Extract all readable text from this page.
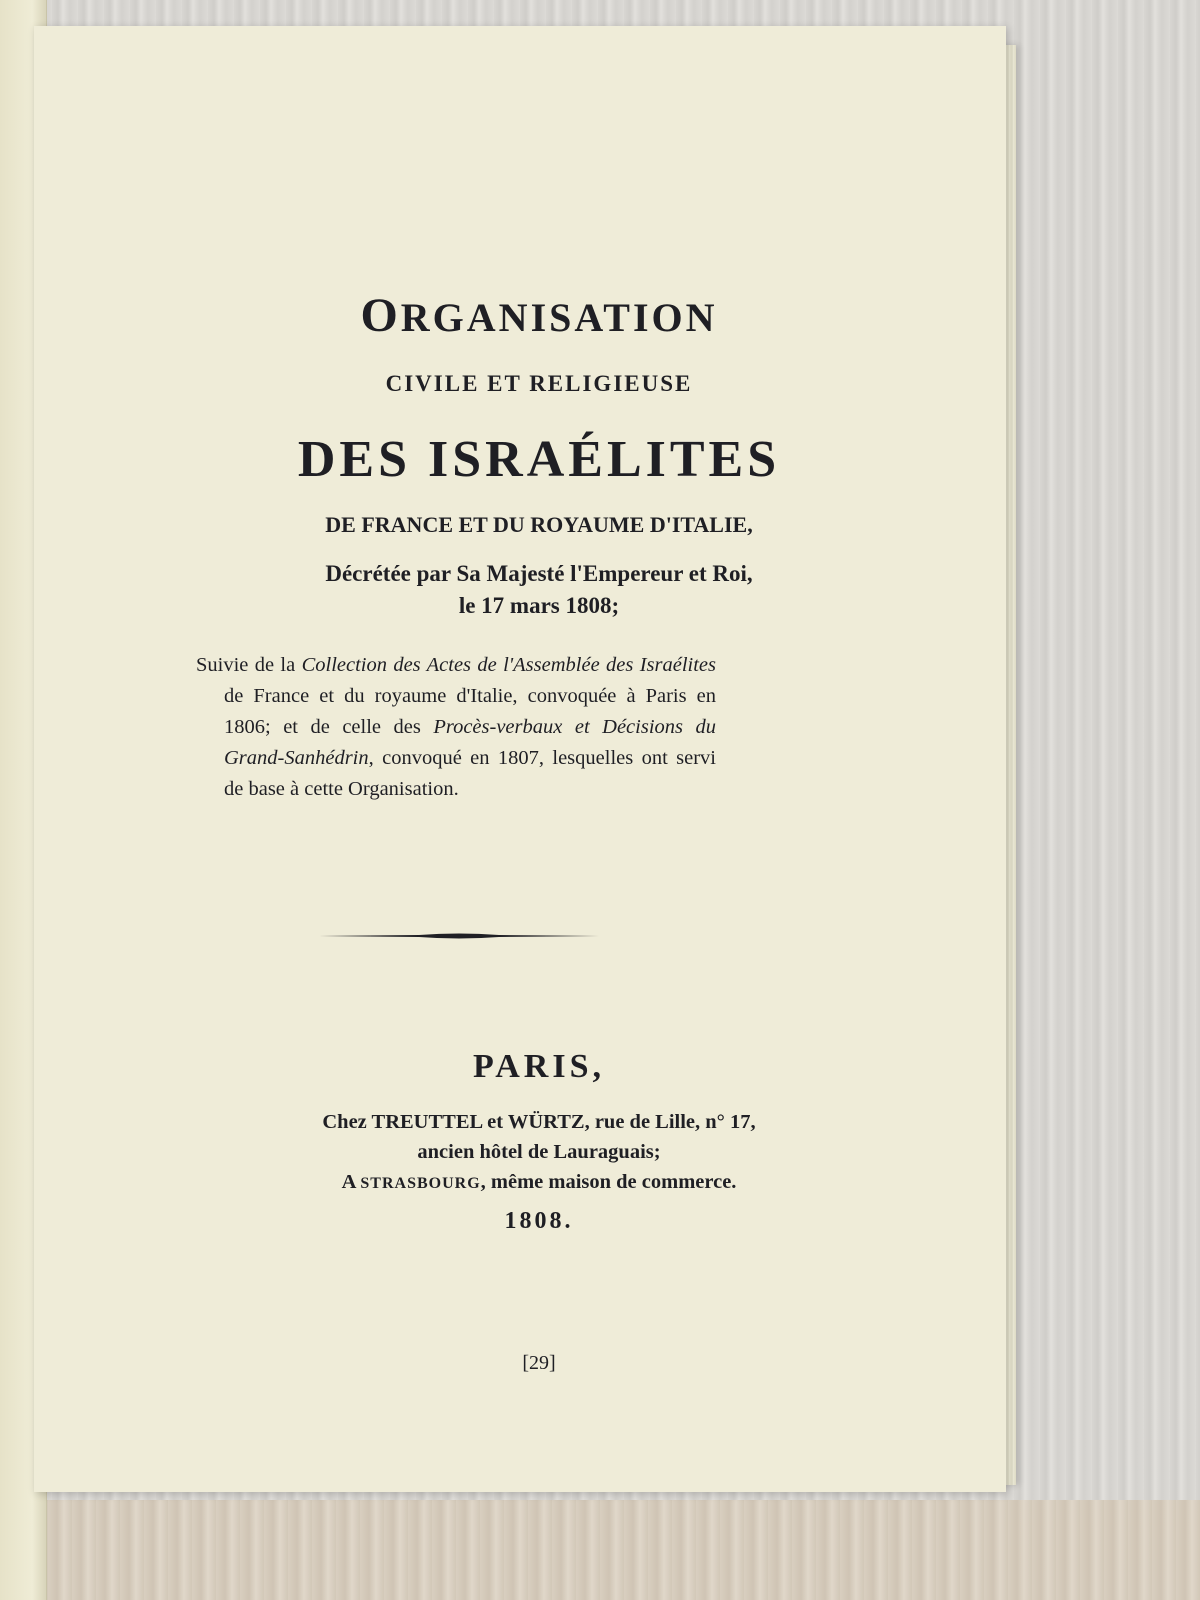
ORGANISATION
CIVILE ET RELIGIEUSE
DES ISRAÉLITES
DE FRANCE ET DU ROYAUME D'ITALIE,
Décrétée par Sa Majesté l'Empereur et Roi,
le 17 mars 1808;
Suivie de la Collection des Actes de l'Assemblée des Israélites de France et du royaume d'Italie, convoquée à Paris en 1806; et de celle des Procès-verbaux et Décisions du Grand-Sanhédrin, convoqué en 1807, lesquelles ont servi de base à cette Organisation.
PARIS,
Chez TREUTTEL et WÜRTZ, rue de Lille, n° 17,
ancien hôtel de Lauraguais;
A STRASBOURG, même maison de commerce.
1808.
[29]
